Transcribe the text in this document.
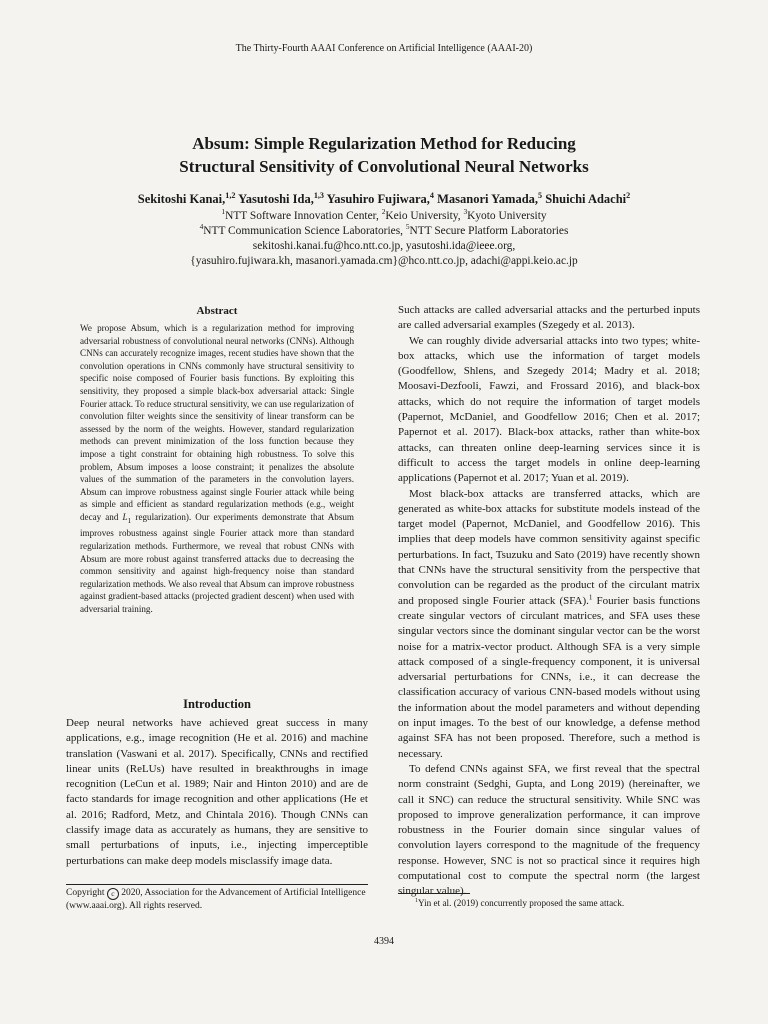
The Thirty-Fourth AAAI Conference on Artificial Intelligence (AAAI-20)
Absum: Simple Regularization Method for Reducing
Structural Sensitivity of Convolutional Neural Networks
Sekitoshi Kanai,$^{1,2}$ Yasutoshi Ida,$^{1,3}$ Yasuhiro Fujiwara,$^4$ Masanori Yamada,$^5$ Shuichi Adachi$^2$
$^1$NTT Software Innovation Center, $^2$Keio University, $^3$Kyoto University
$^4$NTT Communication Science Laboratories, $^5$NTT Secure Platform Laboratories
sekitoshi.kanai.fu@hco.ntt.co.jp, yasutoshi.ida@ieee.org,
{yasuhiro.fujiwara.kh, masanori.yamada.cm}@hco.ntt.co.jp, adachi@appi.keio.ac.jp
Abstract
We propose Absum, which is a regularization method for improving adversarial robustness of convolutional neural networks (CNNs). Although CNNs can accurately recognize images, recent studies have shown that the convolution operations in CNNs commonly have structural sensitivity to specific noise composed of Fourier basis functions. By exploiting this sensitivity, they proposed a simple black-box adversarial attack: Single Fourier attack. To reduce structural sensitivity, we can use regularization of convolution filter weights since the sensitivity of linear transform can be assessed by the norm of the weights. However, standard regularization methods can prevent minimization of the loss function because they impose a tight constraint for obtaining high robustness. To solve this problem, Absum imposes a loose constraint; it penalizes the absolute values of the summation of the parameters in the convolution layers. Absum can improve robustness against single Fourier attack while being as simple and efficient as standard regularization methods (e.g., weight decay and $L_1$ regularization). Our experiments demonstrate that Absum improves robustness against single Fourier attack more than standard regularization methods. Furthermore, we reveal that robust CNNs with Absum are more robust against transferred attacks due to decreasing the common sensitivity and against high-frequency noise than standard regularization methods. We also reveal that Absum can improve robustness against gradient-based attacks (projected gradient descent) when used with adversarial training.
Introduction

Deep neural networks have achieved great success in many applications, e.g., image recognition (He et al. 2016) and machine translation (Vaswani et al. 2017). Specifically, CNNs and rectified linear units (ReLUs) have resulted in breakthroughs in image recognition (LeCun et al. 1989; Nair and Hinton 2010) and are de facto standards for image recognition and other applications (He et al. 2016; Radford, Metz, and Chintala 2016). Though CNNs can classify image data as accurately as humans, they are sensitive to small perturbations of inputs, i.e., injecting imperceptible perturbations can make deep models misclassify image data.

Copyright c 2020, Association for the Advancement of Artificial Intelligence (www.aaai.org). All rights reserved.

Such attacks are called adversarial attacks and the perturbed inputs are called adversarial examples (Szegedy et al. 2013).

We can roughly divide adversarial attacks into two types; white-box attacks, which use the information of target models (Goodfellow, Shlens, and Szegedy 2014; Madry et al. 2018; Moosavi-Dezfooli, Fawzi, and Frossard 2016), and black-box attacks, which do not require the information of target models (Papernot, McDaniel, and Goodfellow 2016; Chen et al. 2017; Papernot et al. 2017). Black-box attacks, rather than white-box attacks, can threaten online deep-learning services since it is difficult to access the target models in online deep-learning applications (Papernot et al. 2017; Yuan et al. 2019).

Most black-box attacks are transferred attacks, which are generated as white-box attacks for substitute models instead of the target model (Papernot, McDaniel, and Goodfellow 2016). This implies that deep models have common sensitivity against specific perturbations. In fact, Tsuzuku and Sato (2019) have recently shown that CNNs have the structural sensitivity from the perspective that convolution can be regarded as the product of the circulant matrix and proposed single Fourier attack (SFA).$^1$ Fourier basis functions create singular vectors of circulant matrices, and SFA uses these singular vectors since the dominant singular vector can be the worst noise for a matrix-vector product. Although SFA is a very simple attack composed of a single-frequency component, it is universal adversarial perturbations for CNNs, i.e., it can decrease the classification accuracy of various CNN-based models without using the information about the model parameters and without depending on input images. To the best of our knowledge, a defense method against SFA has not been proposed. Therefore, such a method is necessary.

To defend CNNs against SFA, we first reveal that the spectral norm constraint (Sedghi, Gupta, and Long 2019) (hereinafter, we call it SNC) can reduce the structural sensitivity. While SNC was proposed to improve generalization performance, it can improve robustness in the Fourier domain since singular values of convolution layers correspond to the magnitude of the frequency response. However, SNC is not so practical since it requires high computational cost to compute the spectral norm (the largest singular value).

$^1$Yin et al. (2019) concurrently proposed the same attack.
4394
